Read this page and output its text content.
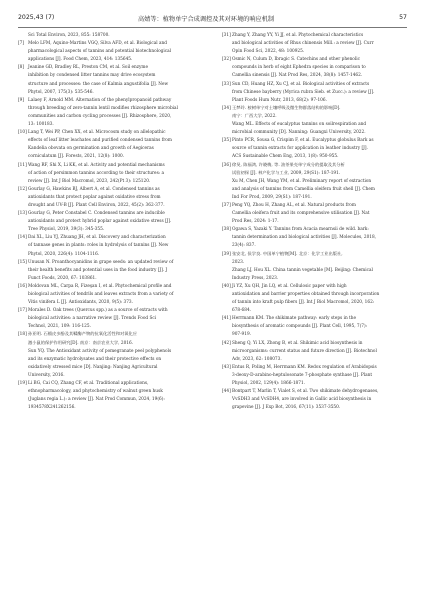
2025,43 (7)	高婧等：植物单宁合成调控及其对环境的响应机制	57
Sci Total Environ, 2023, 855: 158700.
[7] Melo LFM, Aquino-Martins VGQ, Silva AFD, et al. Biological and
pharmacological aspects of tannins and potential biotechnological
applications [J]. Food Chem, 2023, 414: 135645.
[8] Jeanine GD, Bradley RL, Preston CM, et al. Soil enzyme
inhibition by condensed litter tannins may drive ecosystem
structure and processes: the case of Kalmia angustifolia [J]. New
Phytol, 2007, 175(3): 535-546.
[9] Lalaey F, Arnold MM. Alternation of the phenylpropanoid pathway
through breeding of zero-tannin lentil modifies rhizosphere microbial
communities and carbon cycling processes [J]. Rhizosphere, 2020,
13: 100183.
[10]Lang T, Wei PP, Chen XX, et al. Microcosm study on allelopathic
effects of leaf litter leachates and purified condensed tannins from
Kandelia obovata on germination and growth of Aegiceras
corniculatum [J]. Forests, 2021, 12(8): 1000.
[11]Wang RF, Shi X, Li KK, et al. Activity and potential mechanisms
of action of persimmon tannins according to their structures: a
review [J]. Int J Biol Macromol, 2023, 242(Pt 3): 125120.
[12]Gourlay G, Hawkins BJ, Albert A, et al. Condensed tannins as
antioxidants that protect poplar against oxidative stress from
drought and UV-B [J]. Plant Cell Environ, 2022, 45(2): 362-377.
[13]Gourlay G, Peter Constabel C. Condensed tannins are inducible
antioxidants and protect hybrid poplar against oxidative stress [J].
Tree Physiol, 2019, 39(3): 345-355.
[14]Dai XL, Liu YJ, Zhuang JH, et al. Discovery and characterization
of tannase genes in plants: roles in hydrolysis of tannins [J]. New
Phytol, 2020, 226(4): 1104-1116.
[15]Unusan N. Proanthocyanidins in grape seeds: an updated review of
their health benefits and potential uses in the food industry [J]. J
Funct Foods, 2020, 67: 103861.
[16]Moldovan ML, Carpa R, Fizeşan I, et al. Phytochemical profile and
biological activities of tendrils and leaves extracts from a variety of
Vitis vinifera L [J]. Antioxidants, 2020, 9(5): 373.
[17]Morales D. Oak trees (Quercus spp.) as a source of extracts with
biological activities: a narrative review [J]. Trends Food Sci
Technol, 2021, 109: 116-125.
[18]孙亚明. 石榴皮多酚及其鞣酶产物的抗氧化活性和对氧化应
激小鼠的保护作用研究[D]. 南京：南京农业大学, 2016.
Sun YQ. The Antioxidant activity of pomegranate peel polyphenols
and its enzymatic hydrolysates and their protective effects on
oxidatively stressed mice [D]. Nanjing: Nanjing Agricultural
University, 2016.
[19]Li BG, Cai CQ, Zhang CF, et al. Traditional applications,
ethnopharmacology, and phytochemistry of walnut green husk
(Juglans regia L.): a review [J]. Nat Prod Commun, 2024, 19(6):
1934578X241262156.
[31]Zhang Y, Zhang YY, Yi JJ, et al. Phytochemical characteristics
and biological activities of Rhus chinensis Mill.: a review [J]. Curr
Opin Food Sci, 2022, 48: 100925.
[32]Osmic N, Culum D, Ibragic S. Catechins and other phenolic
compounds in herb of eight Ephedra species in comparison to
Camellia sinensis [J]. Nat Prod Res, 2024, 38(8): 1457-1462.
[33]Sun CD, Huang HZ, Xu CJ, et al. Biological activities of extracts
from Chinese bayberry (Myrica rubra Sieb. et Zucc.): a review [J].
Plant Foods Hum Nutr, 2013, 68(2): 97-106.
[34]王梦玲. 桉树单宁对土壤呼吸及微生物群落结构的影响[D].
南宁：广西大学, 2022.
Wang ML. Effects of eucalyptus tannins on soilrespiration and
microbial community [D]. Nanning: Guangxi University, 2022.
[35]Pinto PCR, Sousa G, Crispim F, et al. Eucalyptus globulus Bark as
source of tannin extracts for application in leather industry [J].
ACS Sustainable Chem Eng, 2013, 1(8): 950-955.
[36]徐旻, 陈福鸿, 许晓梅, 等. 油茶果壳单宁成分的提取及其分析
试验初探 [J]. 林产化学与工业, 2009, 29(S1): 187-191.
Xu M, Chen JH, Wang YM, et al. Preliminary report of extraction
and analysis of tannins from Camellia oleifera fruit shell [J]. Chem
Ind For Prod, 2009, 29(S1): 187-191.
[37]Peng YQ, Zhou H, Zhang AL, et al. Natural products from
Camellia oleifera fruit and its comprehensive utilisation [J]. Nat
Prod Res, 2024: 1-17.
[38]Ogawa S, Yazaki Y. Tannins from Acacia mearnsii de wild. bark:
tannin determination and biological activities [J]. Molecules, 2018,
23(4): 837.
[39]张安北, 侯学良. 中国单宁植物[M]. 北京：化学工业出版社,
2023.
Zhang LJ, Hou XL. China tannin vegetable [M]. Beijing: Chemical
Industry Press, 2023.
[40]Ji YZ, Xu QH, Jin LQ, et al. Cellulosic paper with high
antioxidation and barrier properties obtained through incorporation
of tannin into kraft pulp fibers [J]. Int J Biol Macromol, 2020, 162:
678-684.
[41]Herrmann KM. The shikimate pathway: early steps in the
biosynthesis of aromatic compounds [J]. Plant Cell, 1995, 7(7):
907-919.
[42]Sheng Q, Yi LX, Zhong B, et al. Shikimic acid biosynthesis in
microorganisms: current status and future direction [J]. Biotechnol
Adv, 2023, 62: 108073.
[43]Entus R, Poling M, Herrmann KM. Redox regulation of Arabidopsis
3-deoxy-D-arabino-heptulosonate 7-phosphate synthase [J]. Plant
Physiol, 2002, 129(4): 1866-1871.
[44]Bontpart T, Marlin T, Vialet S, et al. Two shikimate dehydrogenases,
VvSDH3 and VvSDH4, are involved in Gallic acid biosynthesis in
grapevine [J]. J Exp Bot, 2016, 67(11): 3537-3550.
